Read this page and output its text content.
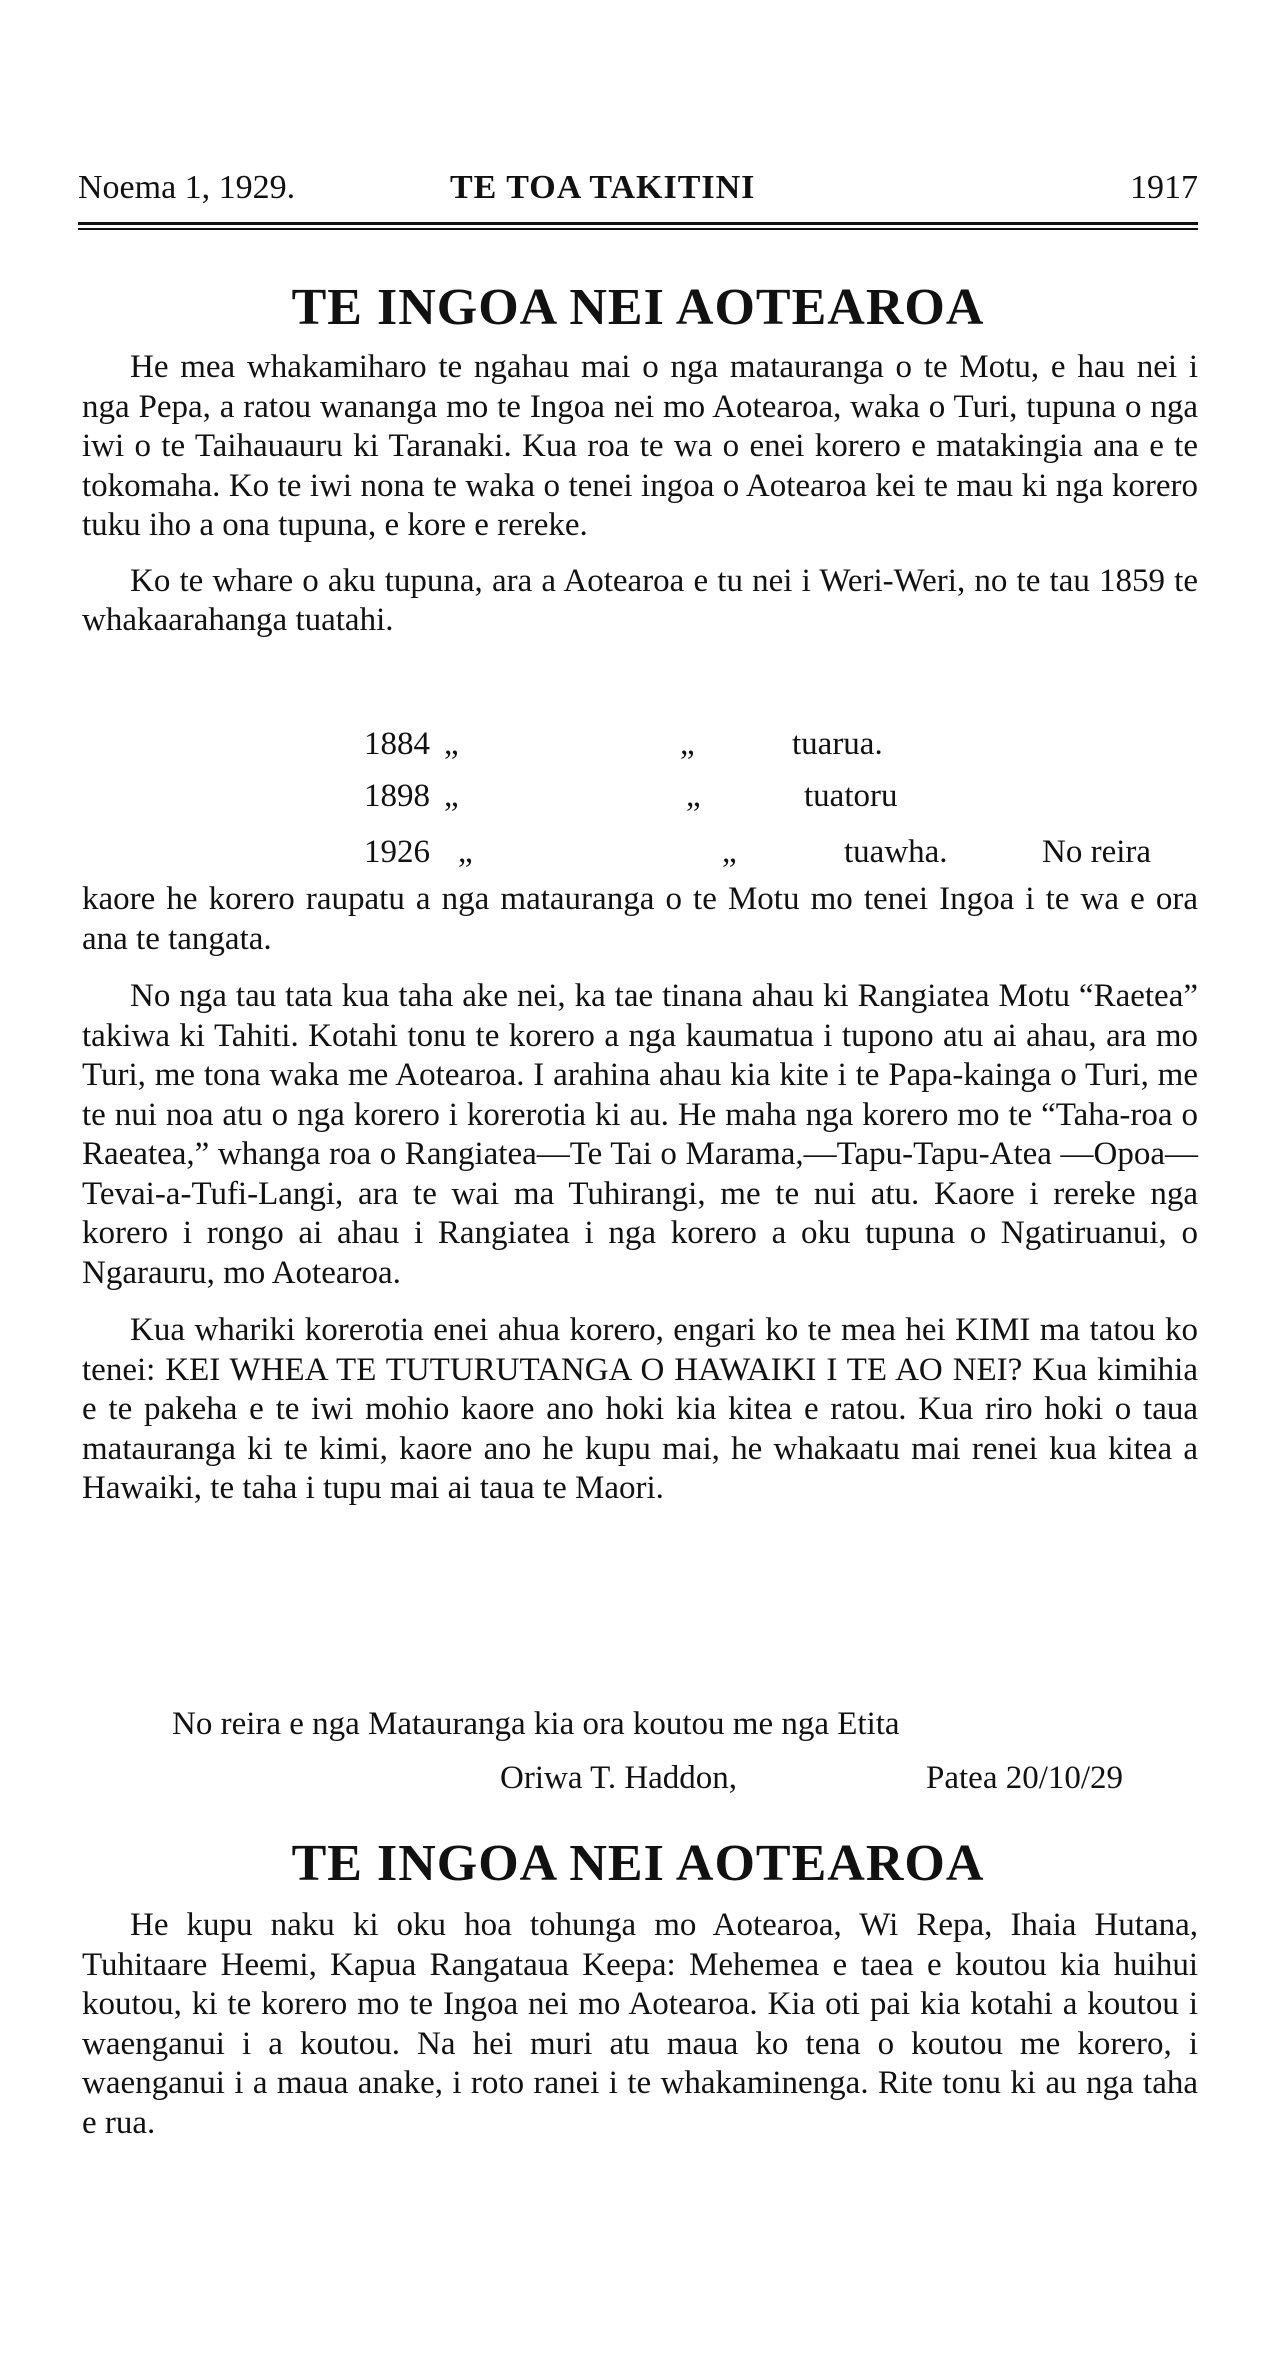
Noema 1, 1929.	TE TOA TAKITINI	1917
TE INGOA NEI AOTEAROA

He mea whakamiharo te ngahau mai o nga matauranga o te Motu, e hau nei i nga Pepa, a ratou wananga mo te Ingoa nei mo Aotearoa, waka o Turi, tupuna o nga iwi o te Taihauauru ki Taranaki. Kua roa te wa o enei korero e matakingia ana e te tokomaha. Ko te iwi nona te waka o tenei ingoa o Aotearoa kei te mau ki nga korero tuku iho a ona tupuna, e kore e rereke.

Ko te whare o aku tupuna, ara a Aotearoa e tu nei i Weri-Weri, no te tau 1859 te whakaarahanga tuatahi.

1884 „	„	tuarua.
1898 „	„	tuatoru
1926 „	„	tuawha.	No reira

kaore he korero raupatu a nga matauranga o te Motu mo tenei Ingoa i te wa e ora ana te tangata.

No nga tau tata kua taha ake nei, ka tae tinana ahau ki Rangiatea Motu “Raetea” takiwa ki Tahiti. Kotahi tonu te korero a nga kaumatua i tupono atu ai ahau, ara mo Turi, me tona waka me Aotearoa. I arahina ahau kia kite i te Papa-kainga o Turi, me te nui noa atu o nga korero i korerotia ki au. He maha nga korero mo te “Taha-roa o Raeatea,” whanga roa o Rangiatea—Te Tai o Marama,—Tapu-Tapu-Atea —Opoa—Tevai-a-Tufi-Langi, ara te wai ma Tuhirangi, me te nui atu. Kaore i rereke nga korero i rongo ai ahau i Rangiatea i nga korero a oku tupuna o Ngatiruanui, o Ngarauru, mo Aotearoa.

Kua whariki korerotia enei ahua korero, engari ko te mea hei KIMI ma tatou ko tenei: KEI WHEA TE TUTURUTANGA O HAWAIKI I TE AO NEI? Kua kimihia e te pakeha e te iwi mohio kaore ano hoki kia kitea e ratou. Kua riro hoki o taua matauranga ki te kimi, kaore ano he kupu mai, he whakaatu mai renei kua kitea a Hawaiki, te taha i tupu mai ai taua te Maori.

No reira e nga Matauranga kia ora koutou me nga Etita
Oriwa T. Haddon,	Patea 20/10/29
TE INGOA NEI AOTEAROA

He kupu naku ki oku hoa tohunga mo Aotearoa, Wi Repa, Ihaia Hutana, Tuhitaare Heemi, Kapua Rangataua Keepa: Mehemea e taea e koutou kia huihui koutou, ki te korero mo te Ingoa nei mo Aotearoa. Kia oti pai kia kotahi a koutou i waenganui i a koutou. Na hei muri atu maua ko tena o koutou me korero, i waenganui i a maua anake, i roto ranei i te whakaminenga. Rite tonu ki au nga taha e rua.
